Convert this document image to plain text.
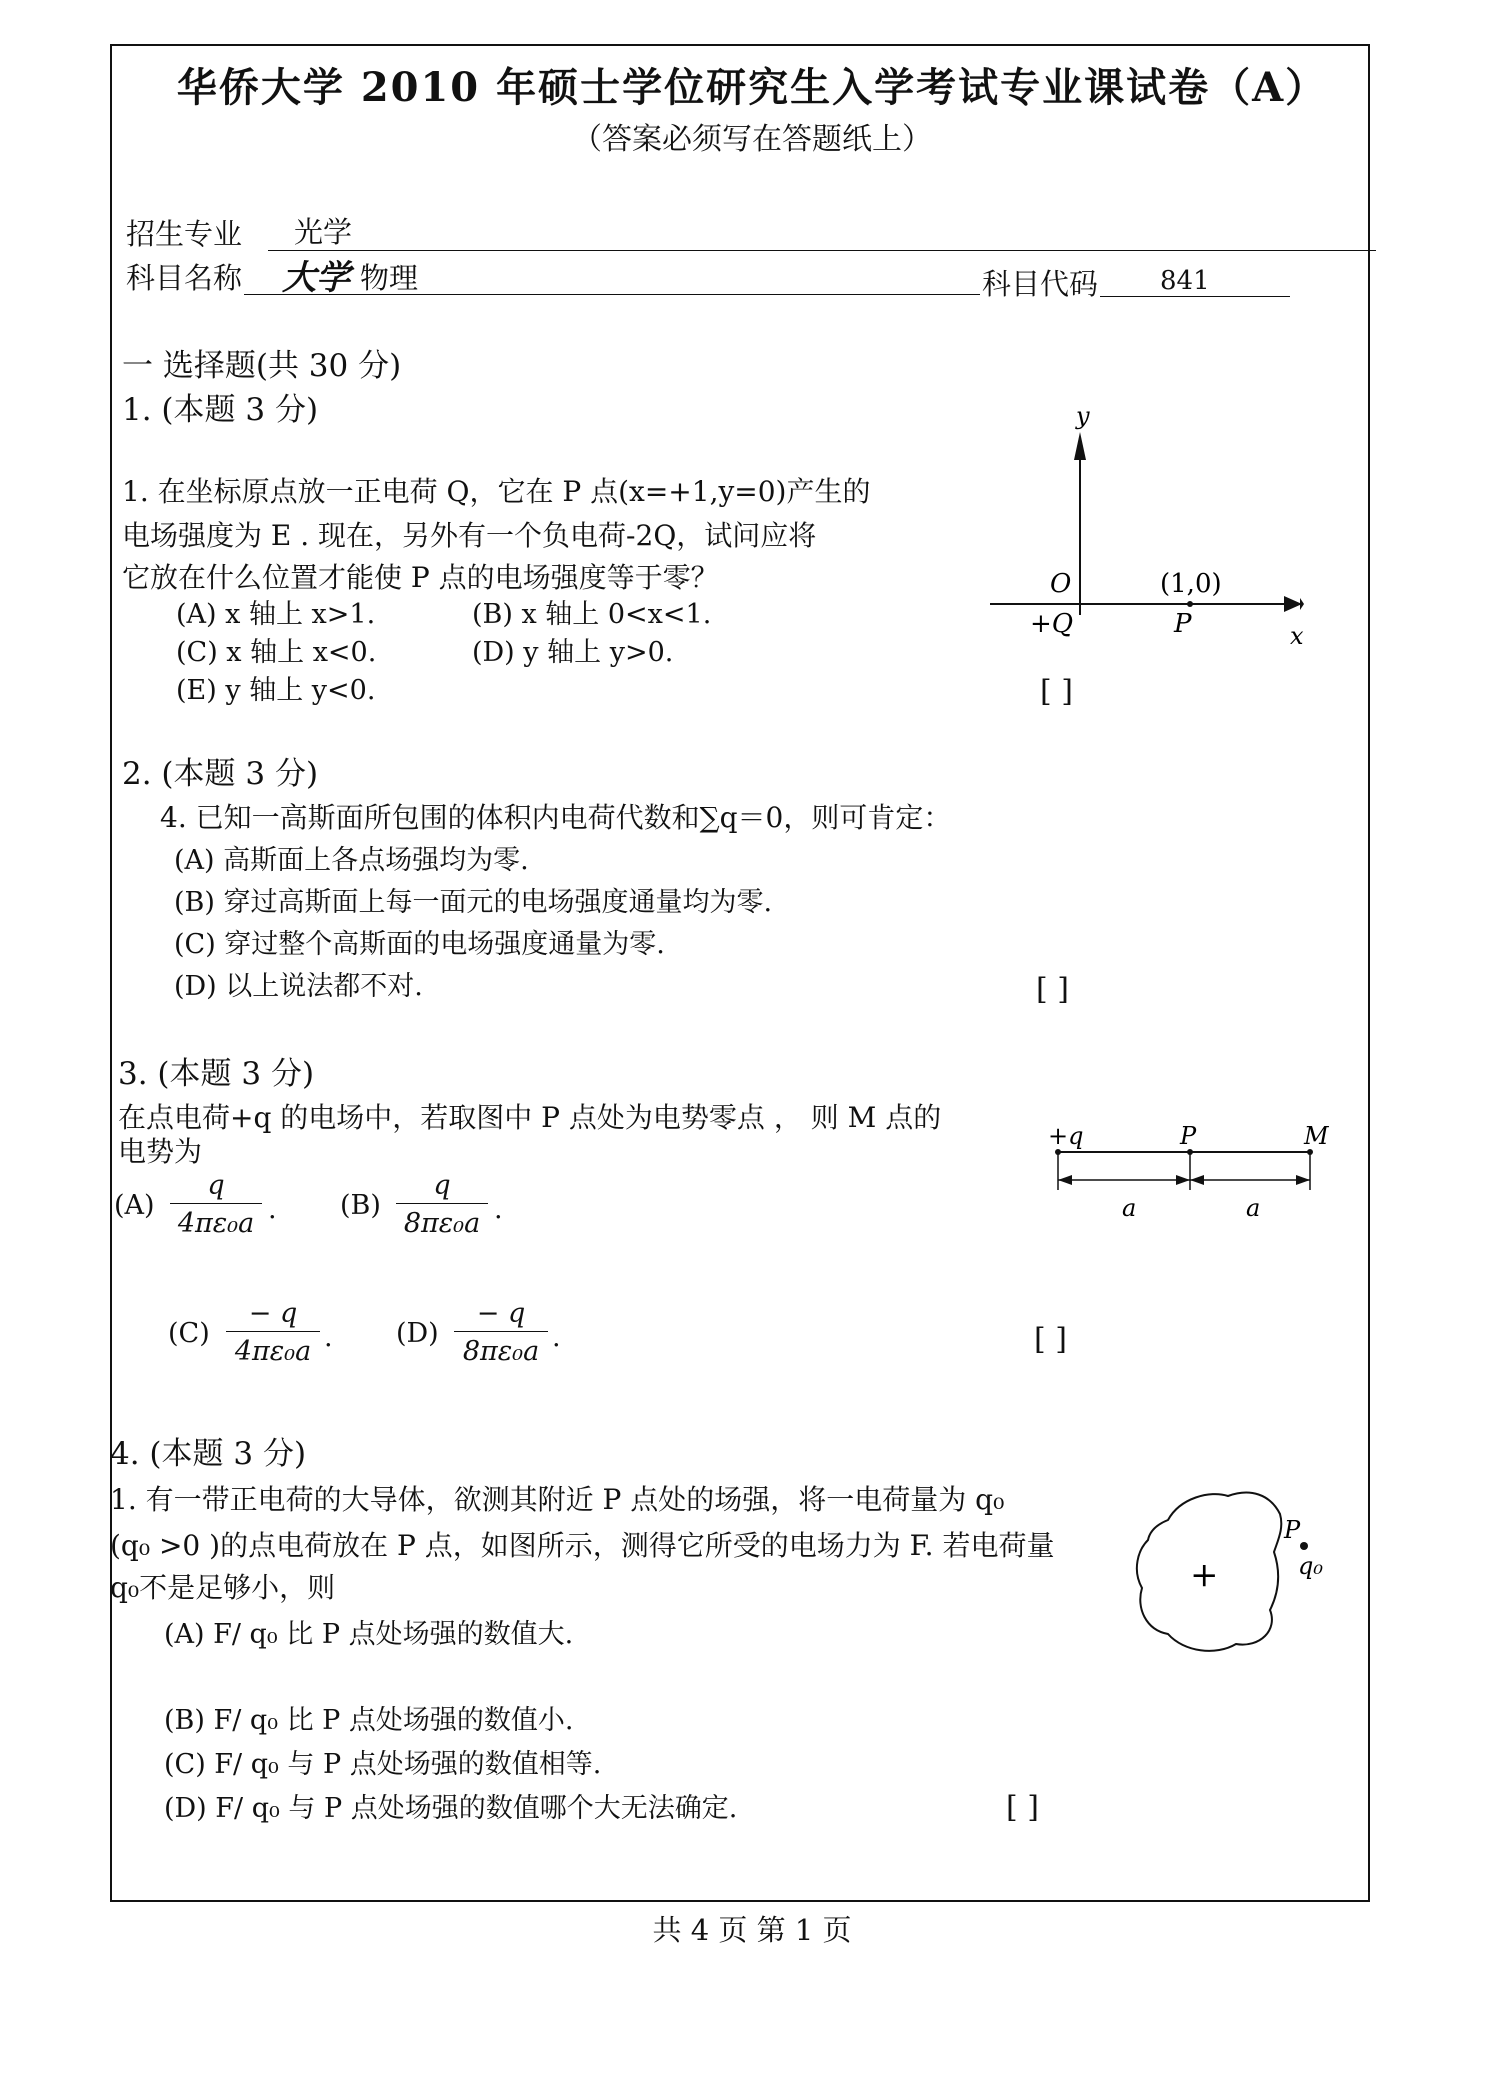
华侨大学 2010 年硕士学位研究生入学考试专业课试卷（A）
（答案必须写在答题纸上）
招生专业 光学
科目名称 大学 物理	科目代码 841
一 选择题(共 30 分)
1. (本题 3 分)
1. 在坐标原点放一正电荷 Q，它在 P 点(x=+1,y=0)产生的
电场强度为 E . 现在，另外有一个负电荷-2Q，试问应将
它放在什么位置才能使 P 点的电场强度等于零？
(A) x 轴上 x>1.	(B) x 轴上 0<x<1.
(C) x 轴上 x<0.	(D) y 轴上 y>0.
(E) y 轴上 y<0.	[ ]
y
x
O
+Q
(1,0)
P
2. (本题 3 分)
4. 已知一高斯面所包围的体积内电荷代数和∑q＝0，则可肯定：
(A) 高斯面上各点场强均为零.
(B) 穿过高斯面上每一面元的电场强度通量均为零.
(C) 穿过整个高斯面的电场强度通量为零.
(D) 以上说法都不对.	[ ]
3. (本题 3 分)
在点电荷+q 的电场中，若取图中 P 点处为电势零点 ， 则 M 点的
电势为
$(A) \frac{q}{\text{4πε₀a}}$ . $(B) \frac{q}{\text{8πε₀a}}$ .
$(C) \frac{- q}{\text{4πε₀a}}$ . $(D) \frac{- q}{\text{8πε₀a}}$ .	[ ]
+q	P	M
a	a
4. (本题 3 分)
1. 有一带正电荷的大导体，欲测其附近 P 点处的场强，将一电荷量为 q₀
(q₀ >0 )的点电荷放在 P 点，如图所示，测得它所受的电场力为 F. 若电荷量
q₀不是足够小，则
(A) F/ q₀ 比 P 点处场强的数值大.
(B) F/ q₀ 比 P 点处场强的数值小.
(C) F/ q₀ 与 P 点处场强的数值相等.
(D) F/ q₀ 与 P 点处场强的数值哪个大无法确定.	[ ]
+
P
q₀
共 4 页 第 1 页
